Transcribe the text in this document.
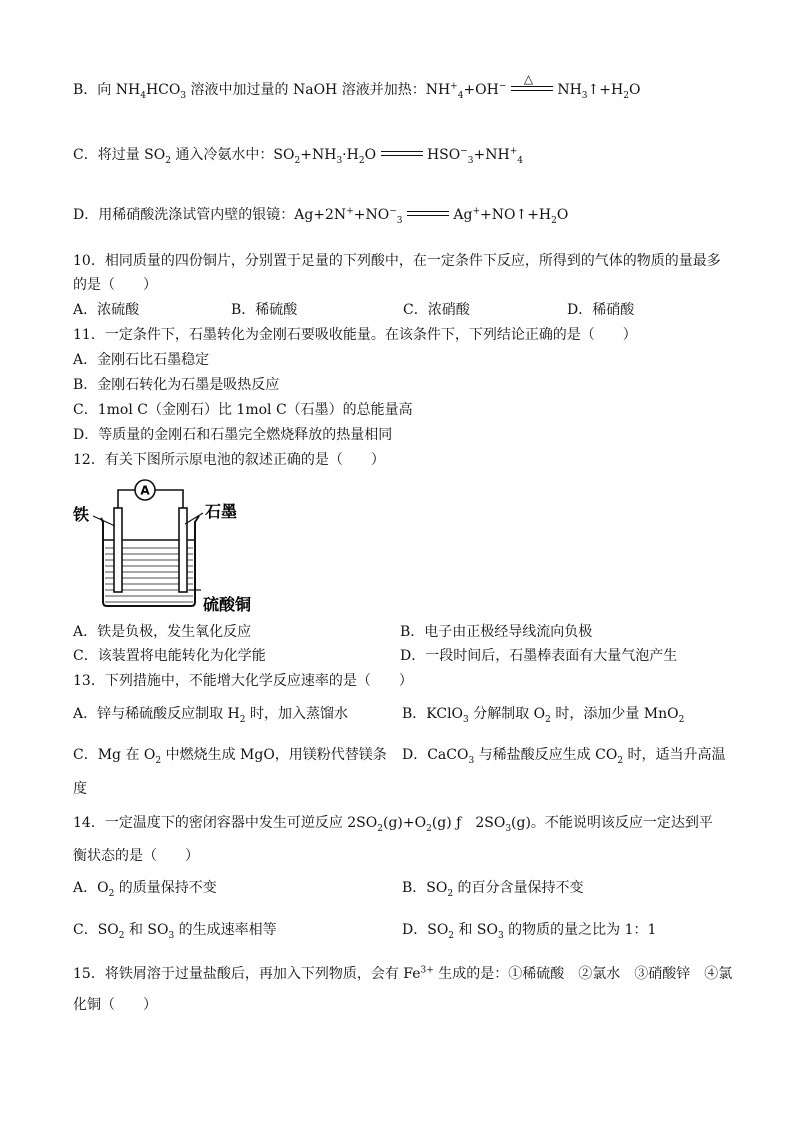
B．向 $NH_4HCO_3$ 溶液中加过量的 NaOH 溶液并加热：$NH^+_4+OH^-$
△
$NH_3↑+H_2O$
C．将过量 $SO_2$ 通入冷氨水中：$SO_2+NH_3\cdot H_2O$	$HSO^-_3+NH^+_4$
D．用稀硝酸洗涤试管内壁的银镜：$Ag+2N^++NO^-_3$	$Ag^++NO↑+H_2O$
10．相同质量的四份铜片，分别置于足量的下列酸中，在一定条件下反应，所得到的气体的物质的量最多
的是（　　）
A．浓硫酸	B．稀硫酸	C．浓硝酸	D．稀硝酸
11．一定条件下，石墨转化为金刚石要吸收能量。在该条件下，下列结论正确的是（　　）
A．金刚石比石墨稳定
B．金刚石转化为石墨是吸热反应
C．1mol C（金刚石）比 1mol C（石墨）的总能量高
D．等质量的金刚石和石墨完全燃烧释放的热量相同
12．有关下图所示原电池的叙述正确的是（　　）
A
铁	石墨
硫酸铜
A．铁是负极，发生氧化反应	B．电子由正极经导线流向负极
C．该装置将电能转化为化学能	D．一段时间后，石墨棒表面有大量气泡产生
13．下列措施中，不能增大化学反应速率的是（　　）
A．锌与稀硫酸反应制取 $H_2$ 时，加入蒸馏水	B．KClO$_3$ 分解制取 $O_2$ 时，添加少量 MnO$_2$
C．Mg 在 $O_2$ 中燃烧生成 MgO，用镁粉代替镁条 D．CaCO$_3$ 与稀盐酸反应生成 $CO_2$ 时，适当升高温
度
14．一定温度下的密闭容器中发生可逆反应 $2SO_2(g)+O_2(g)$ ƒ　$2SO_3(g)$。不能说明该反应一定达到平
衡状态的是（　　）
A．$O_2$ 的质量保持不变	B．$SO_2$ 的百分含量保持不变
C．$SO_2$ 和 $SO_3$ 的生成速率相等	D．$SO_2$ 和 $SO_3$ 的物质的量之比为 1：1
15．将铁屑溶于过量盐酸后，再加入下列物质，会有 $Fe^{3+}$ 生成的是：①稀硫酸　②氯水　③硝酸锌　④氯
化铜（　　）
